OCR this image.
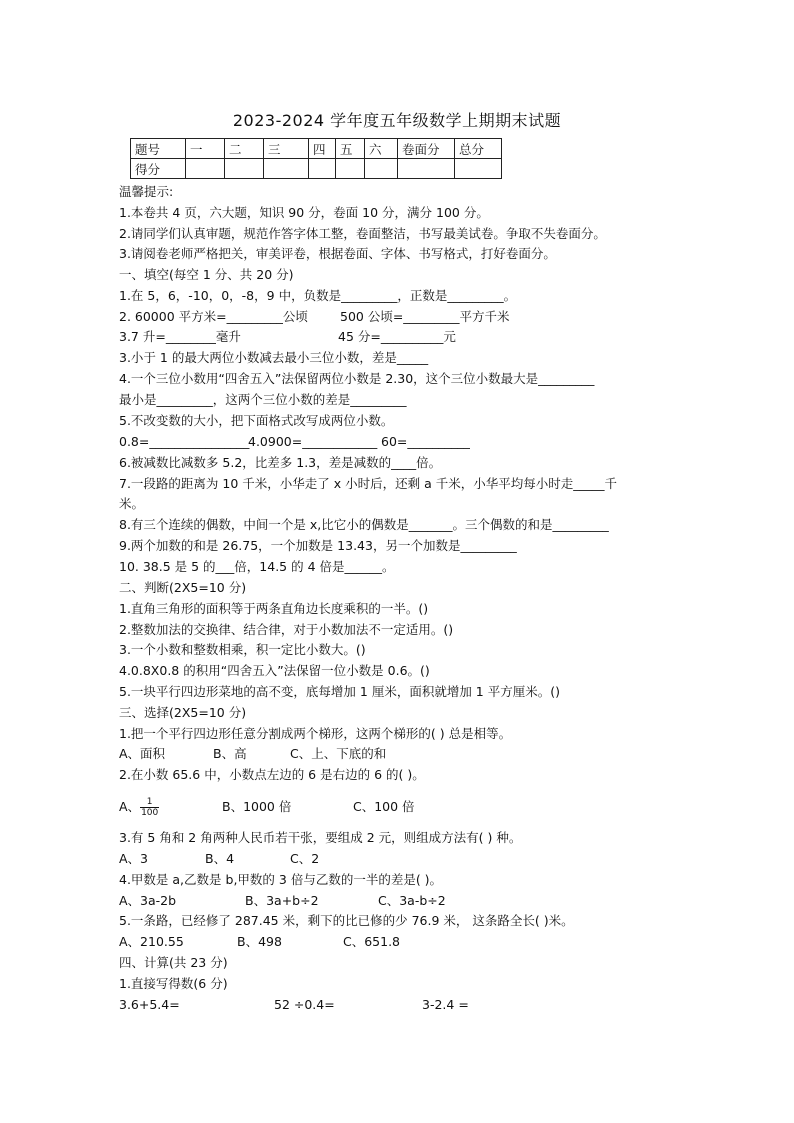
2023-2024 学年度五年级数学上期期末试题
题号	一	二	三	四	五	六	卷面分	总分
得分								
温馨提示:
1.本卷共 4 页，六大题，知识 90 分，卷面 10 分，满分 100 分。
2.请同学们认真审题，规范作答字体工整，卷面整洁，书写最美试卷。争取不失卷面分。
3.请阅卷老师严格把关，审美评卷，根据卷面、字体、书写格式，打好卷面分。
一、填空(每空 1 分、共 20 分)
1.在 5，6，-10，0，-8，9 中，负数是_________，正数是_________。
2. 60000 平方米=_________公顷	500 公顷=_________平方千米
3.7 升=________毫升	45 分=__________元
3.小于 1 的最大两位小数减去最小三位小数，差是_____
4.一个三位小数用“四舍五入”法保留两位小数是 2.30，这个三位小数最大是_________
最小是_________，这两个三位小数的差是_________
5.不改变数的大小，把下面格式改写成两位小数。
0.8=________________
4.0900=____________ 60=__________
6.被减数比减数多 5.2，比差多 1.3，差是减数的____倍。
7.一段路的距离为 10 千米，小华走了 x 小时后，还剩 a 千米，小华平均每小时走_____千
米。
8.有三个连续的偶数，中间一个是 x,比它小的偶数是_______。三个偶数的和是_________
9.两个加数的和是 26.75，一个加数是 13.43，另一个加数是_________
10. 38.5 是 5 的___倍，14.5 的 4 倍是______。
二、判断(2X5=10 分)
1.直角三角形的面积等于两条直角边长度乘积的一半。()
2.整数加法的交换律、结合律，对于小数加法不一定适用。()
3.一个小数和整数相乘，积一定比小数大。()
4.0.8X0.8 的积用“四舍五入”法保留一位小数是 0.6。()
5.一块平行四边形菜地的高不变，底每增加 1 厘米，面积就增加 1 平方厘米。()
三、选择(2X5=10 分)
1.把一个平行四边形任意分割成两个梯形，这两个梯形的( ) 总是相等。
A、面积	B、高	C、上、下底的和
2.在小数 65.6 中，小数点左边的 6 是右边的 6 的( )。
A、 $\frac{1}{100}$	B、1000 倍	C、100 倍
3.有 5 角和 2 角两种人民币若干张，要组成 2 元，则组成方法有( ) 种。
A、3	B、4	C、2
4.甲数是 a,乙数是 b,甲数的 3 倍与乙数的一半的差是( )。
A、3a-2b	B、3a+b÷2	C、3a-b÷2
5.一条路，已经修了 287.45 米，剩下的比已修的少 76.9 米， 这条路全长( )米。
A、210.55	B、498	C、651.8
四、计算(共 23 分)
1.直接写得数(6 分)
3.6+5.4=	52 ÷0.4=	3-2.4 =
